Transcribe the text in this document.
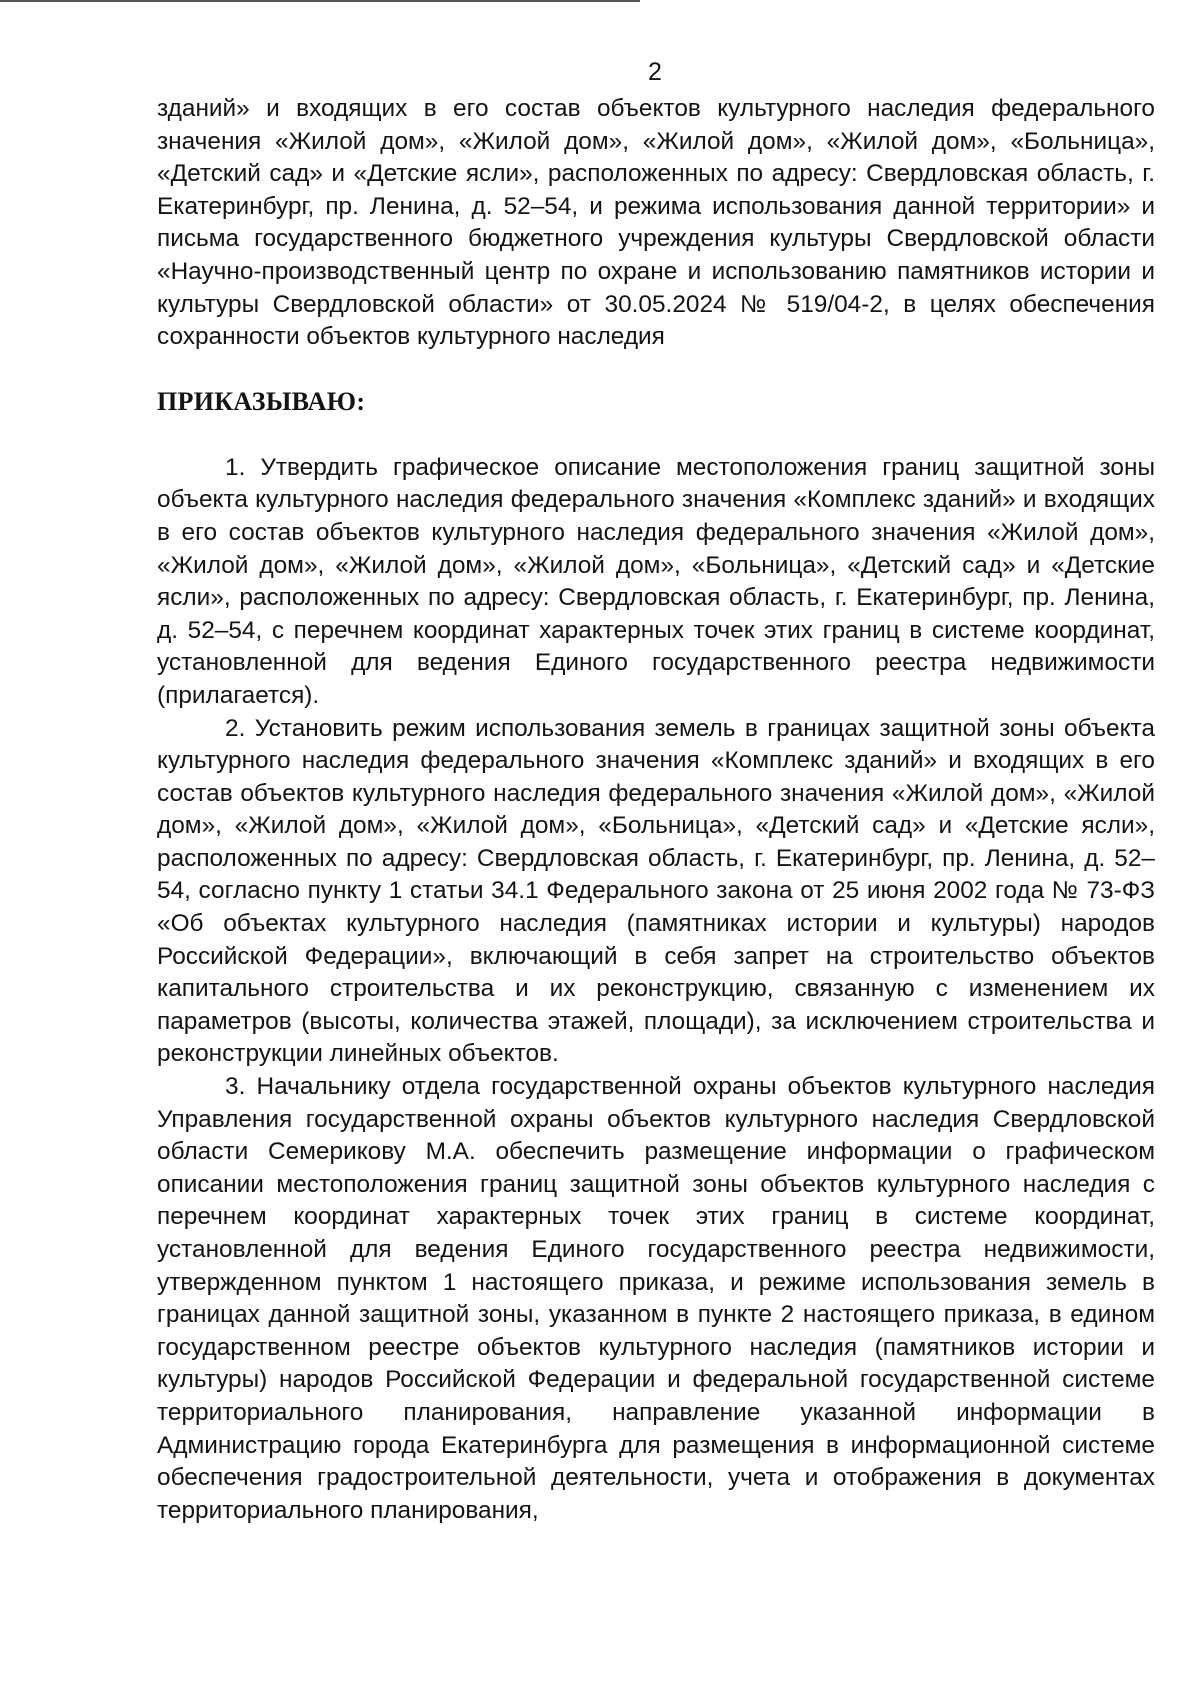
2

зданий» и входящих в его состав объектов культурного наследия федерального значения «Жилой дом», «Жилой дом», «Жилой дом», «Жилой дом», «Больница», «Детский сад» и «Детские ясли», расположенных по адресу: Свердловская область, г. Екатеринбург, пр. Ленина, д. 52–54, и режима использования данной территории» и письма государственного бюджетного учреждения культуры Свердловской области «Научно-производственный центр по охране и использованию памятников истории и культуры Свердловской области» от 30.05.2024 № 519/04-2, в целях обеспечения сохранности объектов культурного наследия

ПРИКАЗЫВАЮ:

1. Утвердить графическое описание местоположения границ защитной зоны объекта культурного наследия федерального значения «Комплекс зданий» и входящих в его состав объектов культурного наследия федерального значения «Жилой дом», «Жилой дом», «Жилой дом», «Жилой дом», «Больница», «Детский сад» и «Детские ясли», расположенных по адресу: Свердловская область, г. Екатеринбург, пр. Ленина, д. 52–54, с перечнем координат характерных точек этих границ в системе координат, установленной для ведения Единого государственного реестра недвижимости (прилагается).

2. Установить режим использования земель в границах защитной зоны объекта культурного наследия федерального значения «Комплекс зданий» и входящих в его состав объектов культурного наследия федерального значения «Жилой дом», «Жилой дом», «Жилой дом», «Жилой дом», «Больница», «Детский сад» и «Детские ясли», расположенных по адресу: Свердловская область, г. Екатеринбург, пр. Ленина, д. 52–54, согласно пункту 1 статьи 34.1 Федерального закона от 25 июня 2002 года № 73-ФЗ «Об объектах культурного наследия (памятниках истории и культуры) народов Российской Федерации», включающий в себя запрет на строительство объектов капитального строительства и их реконструкцию, связанную с изменением их параметров (высоты, количества этажей, площади), за исключением строительства и реконструкции линейных объектов.

3. Начальнику отдела государственной охраны объектов культурного наследия Управления государственной охраны объектов культурного наследия Свердловской области Семерикову М.А. обеспечить размещение информации о графическом описании местоположения границ защитной зоны объектов культурного наследия с перечнем координат характерных точек этих границ в системе координат, установленной для ведения Единого государственного реестра недвижимости, утвержденном пунктом 1 настоящего приказа, и режиме использования земель в границах данной защитной зоны, указанном в пункте 2 настоящего приказа, в едином государственном реестре объектов культурного наследия (памятников истории и культуры) народов Российской Федерации и федеральной государственной системе территориального планирования, направление указанной информации в Администрацию города Екатеринбурга для размещения в информационной системе обеспечения градостроительной деятельности, учета и отображения в документах территориального планирования,
